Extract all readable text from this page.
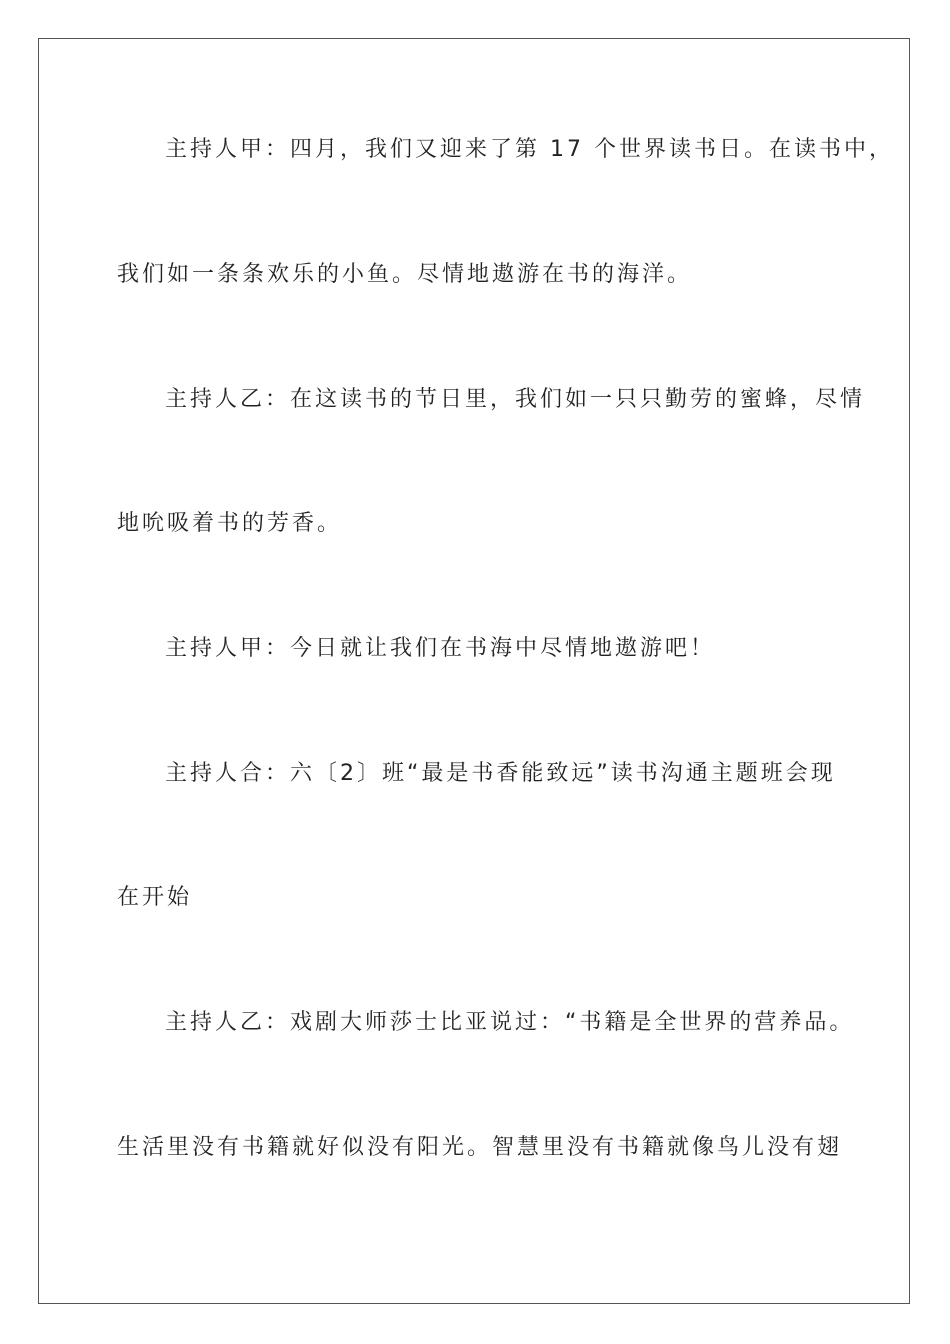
主持人甲：四月，我们又迎来了第 17 个世界读书日。在读书中，
我们如一条条欢乐的小鱼。尽情地遨游在书的海洋。
主持人乙：在这读书的节日里，我们如一只只勤劳的蜜蜂，尽情
地吮吸着书的芳香。
主持人甲：今日就让我们在书海中尽情地遨游吧！
主持人合：六〔2〕班“最是书香能致远”读书沟通主题班会现
在开始
主持人乙：戏剧大师莎士比亚说过：“书籍是全世界的营养品。
生活里没有书籍就好似没有阳光。智慧里没有书籍就像鸟儿没有翅
